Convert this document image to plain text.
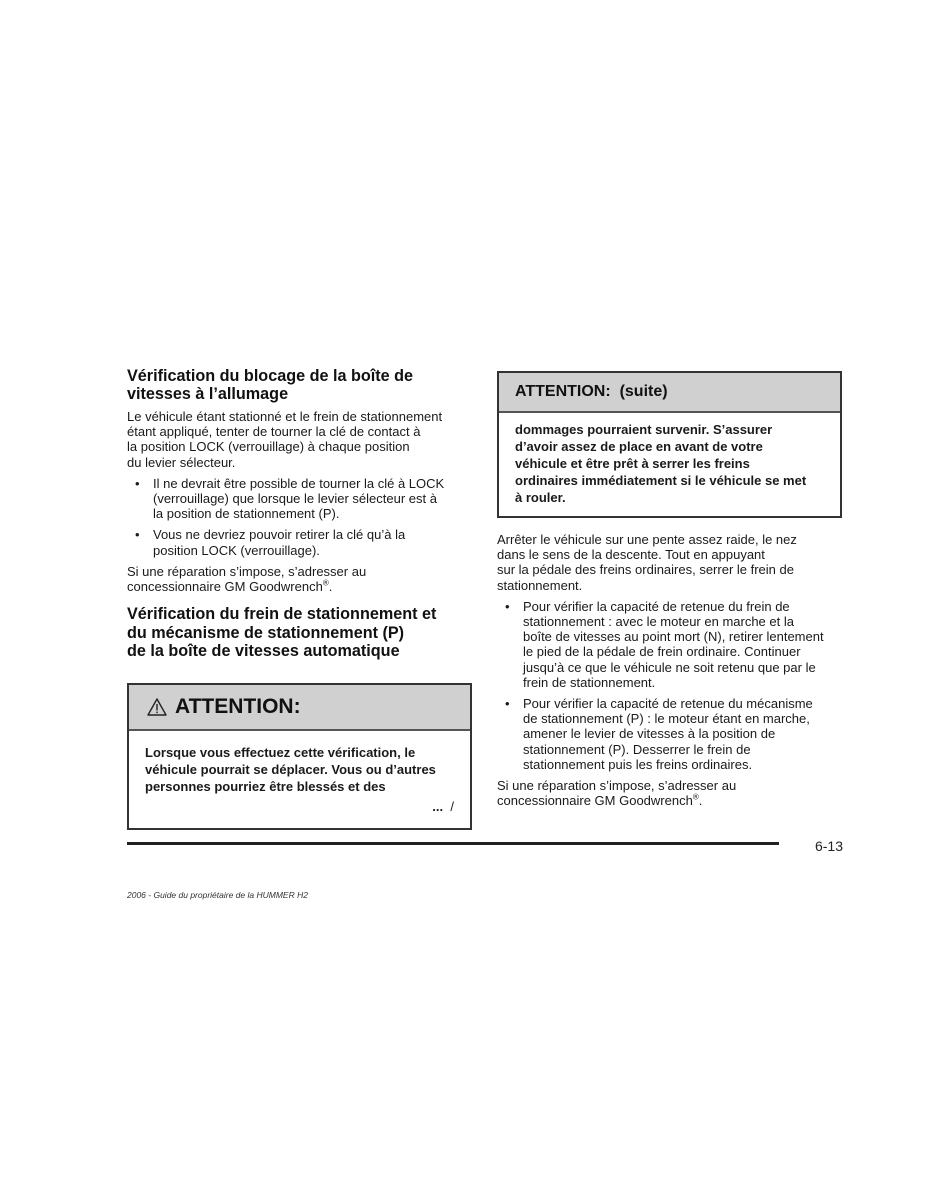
Vérification du blocage de la boîte de
vitesses à l’allumage

Le véhicule étant stationné et le frein de stationnement
étant appliqué, tenter de tourner la clé de contact à
la position LOCK (verrouillage) à chaque position
du levier sélecteur.

• Il ne devrait être possible de tourner la clé à LOCK
(verrouillage) que lorsque le levier sélecteur est à
la position de stationnement (P).
• Vous ne devriez pouvoir retirer la clé qu’à la
position LOCK (verrouillage).

Si une réparation s’impose, s’adresser au
concessionnaire GM Goodwrench®.

Vérification du frein de stationnement et
du mécanisme de stationnement (P)
de la boîte de vitesses automatique
ATTENTION:

Lorsque vous effectuez cette vérification, le
véhicule pourrait se déplacer. Vous ou d’autres
personnes pourriez être blessés et des

... /
ATTENTION:  (suite)

dommages pourraient survenir. S’assurer
d’avoir assez de place en avant de votre
véhicule et être prêt à serrer les freins
ordinaires immédiatement si le véhicule se met
à rouler.

Arrêter le véhicule sur une pente assez raide, le nez
dans le sens de la descente. Tout en appuyant
sur la pédale des freins ordinaires, serrer le frein de
stationnement.

• Pour vérifier la capacité de retenue du frein de
stationnement : avec le moteur en marche et la
boîte de vitesses au point mort (N), retirer lentement
le pied de la pédale de frein ordinaire. Continuer
jusqu’à ce que le véhicule ne soit retenu que par le
frein de stationnement.
• Pour vérifier la capacité de retenue du mécanisme
de stationnement (P) : le moteur étant en marche,
amener le levier de vitesses à la position de
stationnement (P). Desserrer le frein de
stationnement puis les freins ordinaires.

Si une réparation s’impose, s’adresser au
concessionnaire GM Goodwrench®.

6-13
2006 - Guide du propriétaire de la HUMMER H2
